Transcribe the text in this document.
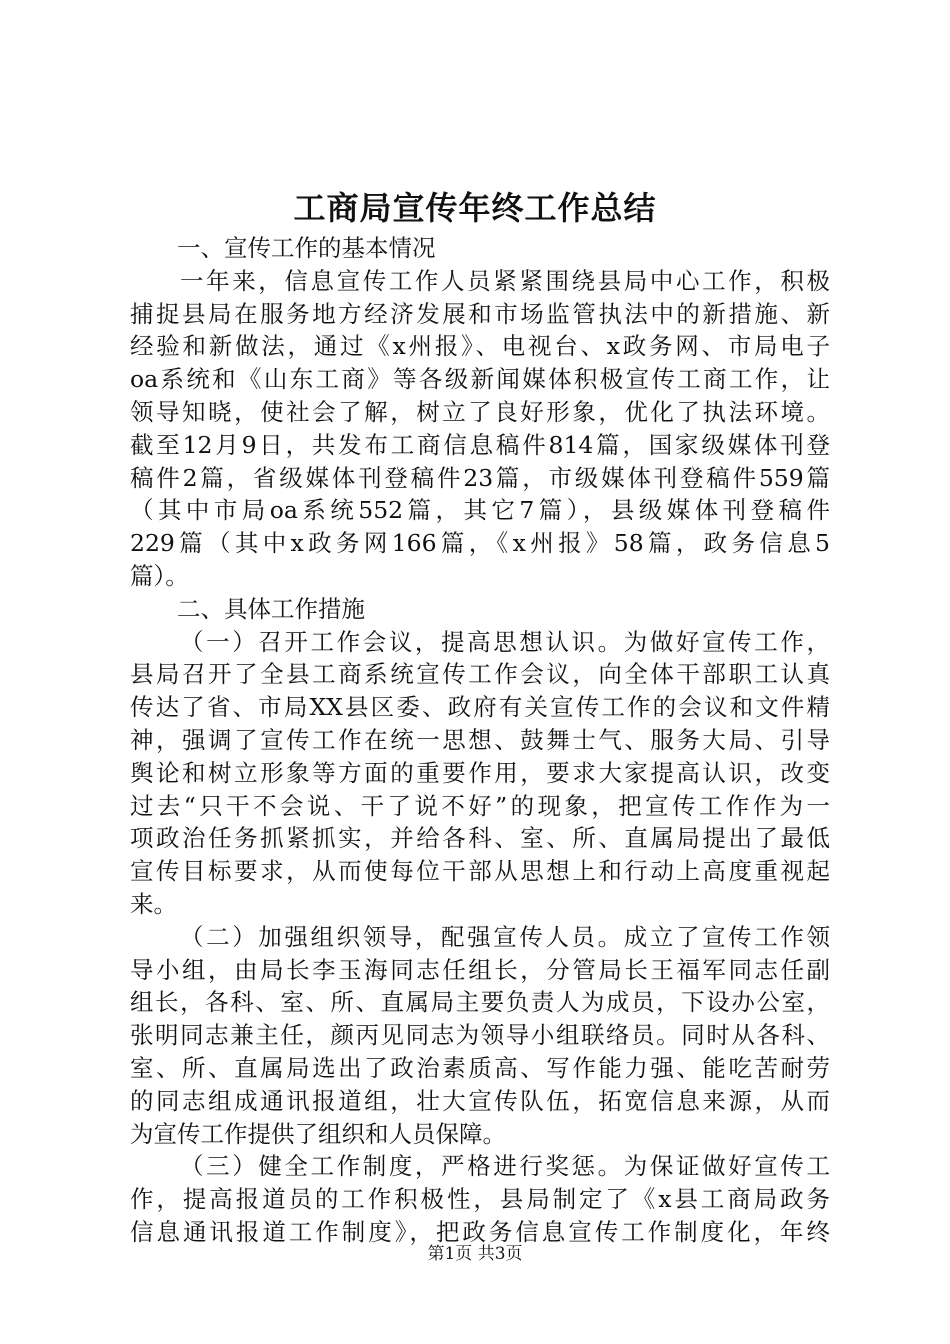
工商局宣传年终工作总结
一、宣传工作的基本情况
一年来，信息宣传工作人员紧紧围绕县局中心工作，积极
捕捉县局在服务地方经济发展和市场监管执法中的新措施、新
经验和新做法，通过《x州报》、电视台、x政务网、市局电子
oa系统和《山东工商》等各级新闻媒体积极宣传工商工作，让
领导知晓，使社会了解，树立了良好形象，优化了执法环境。
截至12月9日，共发布工商信息稿件814篇，国家级媒体刊登
稿件2篇，省级媒体刊登稿件23篇，市级媒体刊登稿件559篇
（其中市局oa系统552篇，其它7篇），县级媒体刊登稿件
229篇（其中x政务网166篇，《x州报》58篇，政务信息5
篇）。
二、具体工作措施
（一）召开工作会议，提高思想认识。为做好宣传工作，
县局召开了全县工商系统宣传工作会议，向全体干部职工认真
传达了省、市局XX县区委、政府有关宣传工作的会议和文件精
神，强调了宣传工作在统一思想、鼓舞士气、服务大局、引导
舆论和树立形象等方面的重要作用，要求大家提高认识，改变
过去“只干不会说、干了说不好”的现象，把宣传工作作为一
项政治任务抓紧抓实，并给各科、室、所、直属局提出了最低
宣传目标要求，从而使每位干部从思想上和行动上高度重视起
来。
（二）加强组织领导，配强宣传人员。成立了宣传工作领
导小组，由局长李玉海同志任组长，分管局长王福军同志任副
组长，各科、室、所、直属局主要负责人为成员，下设办公室，
张明同志兼主任，颜丙见同志为领导小组联络员。同时从各科、
室、所、直属局选出了政治素质高、写作能力强、能吃苦耐劳
的同志组成通讯报道组，壮大宣传队伍，拓宽信息来源，从而
为宣传工作提供了组织和人员保障。
（三）健全工作制度，严格进行奖惩。为保证做好宣传工
作，提高报道员的工作积极性，县局制定了《x县工商局政务
信息通讯报道工作制度》，把政务信息宣传工作制度化，年终
第1页 共3页
